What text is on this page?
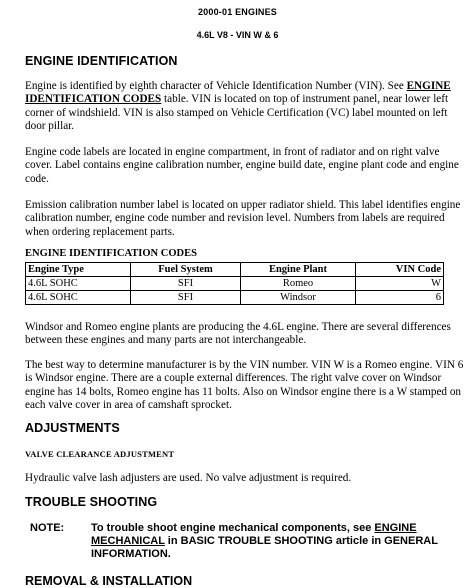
2000-01 ENGINES
4.6L V8 - VIN W & 6
ENGINE IDENTIFICATION
Engine is identified by eighth character of Vehicle Identification Number (VIN). See ENGINE IDENTIFICATION CODES table. VIN is located on top of instrument panel, near lower left corner of windshield. VIN is also stamped on Vehicle Certification (VC) label mounted on left door pillar.
Engine code labels are located in engine compartment, in front of radiator and on right valve cover. Label contains engine calibration number, engine build date, engine plant code and engine code.
Emission calibration number label is located on upper radiator shield. This label identifies engine calibration number, engine code number and revision level. Numbers from labels are required when ordering replacement parts.
ENGINE IDENTIFICATION CODES
Engine Type	Fuel System	Engine Plant	VIN Code
4.6L SOHC	SFI	Romeo	W
4.6L SOHC	SFI	Windsor	6
Windsor and Romeo engine plants are producing the 4.6L engine. There are several differences between these engines and many parts are not interchangeable.
The best way to determine manufacturer is by the VIN number. VIN W is a Romeo engine. VIN 6 is Windsor engine. There are a couple external differences. The right valve cover on Windsor engine has 14 bolts, Romeo engine has 11 bolts. Also on Windsor engine there is a W stamped on each valve cover in area of camshaft sprocket.
ADJUSTMENTS
VALVE CLEARANCE ADJUSTMENT
Hydraulic valve lash adjusters are used. No valve adjustment is required.
TROUBLE SHOOTING
NOTE: To trouble shoot engine mechanical components, see ENGINE MECHANICAL in BASIC TROUBLE SHOOTING article in GENERAL INFORMATION.
REMOVAL & INSTALLATION
